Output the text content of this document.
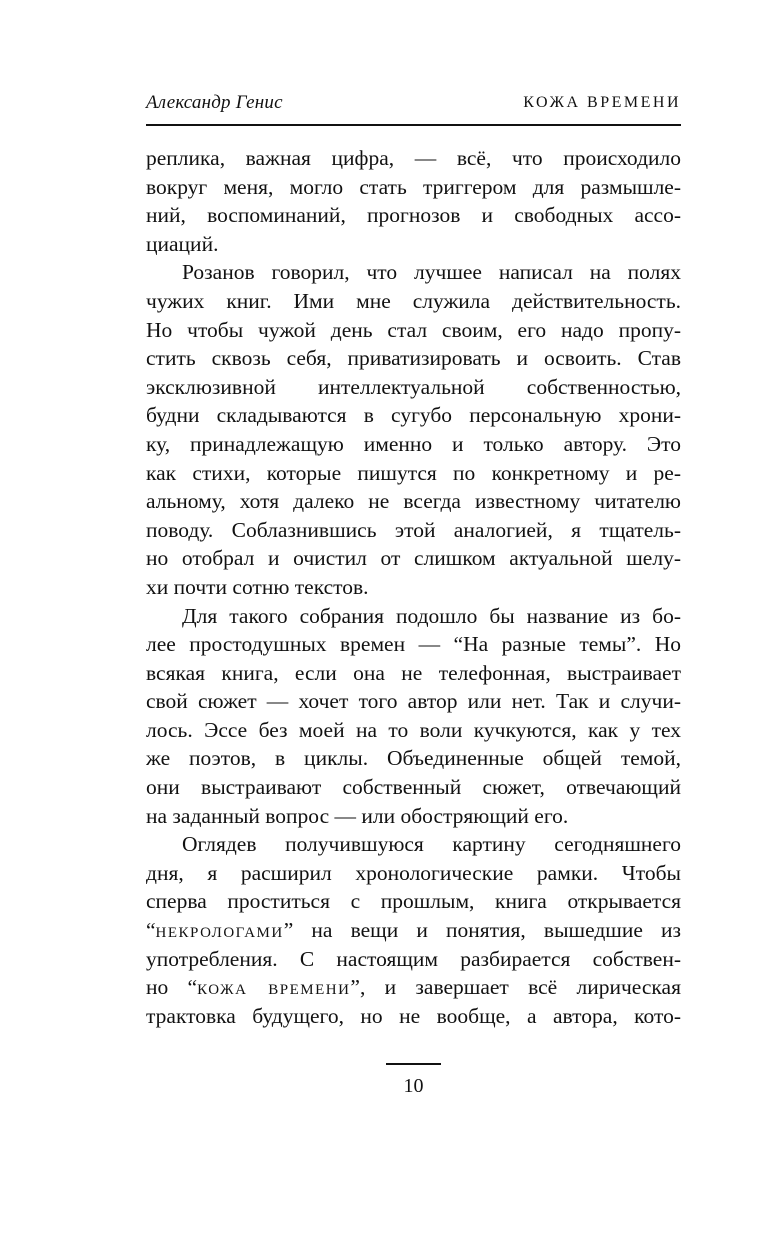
Александр Генис	КОЖА ВРЕМЕНИ
реплика, важная цифра, — всё, что происходило
вокруг меня, могло стать триггером для размышле-
ний, воспоминаний, прогнозов и свободных ассо-
циаций.
Розанов говорил, что лучшее написал на полях
чужих книг. Ими мне служила действительность.
Но чтобы чужой день стал своим, его надо пропу-
стить сквозь себя, приватизировать и освоить. Став
эксклюзивной интеллектуальной собственностью,
будни складываются в сугубо персональную хрони-
ку, принадлежащую именно и только автору. Это
как стихи, которые пишутся по конкретному и ре-
альному, хотя далеко не всегда известному читателю
поводу. Соблазнившись этой аналогией, я тщатель-
но отобрал и очистил от слишком актуальной шелу-
хи почти сотню текстов.
Для такого собрания подошло бы название из бо-
лее простодушных времен — “На разные темы”. Но
всякая книга, если она не телефонная, выстраивает
свой сюжет — хочет того автор или нет. Так и случи-
лось. Эссе без моей на то воли кучкуются, как у тех
же поэтов, в циклы. Объединенные общей темой,
они выстраивают собственный сюжет, отвечающий
на заданный вопрос — или обостряющий его.
Оглядев получившуюся картину сегодняшнего
дня, я расширил хронологические рамки. Чтобы
сперва проститься с прошлым, книга открывается
“некрологами” на вещи и понятия, вышедшие из
употребления. С настоящим разбирается собствен-
но “кожа времени”, и завершает всё лирическая
трактовка будущего, но не вообще, а автора, кото-
10
